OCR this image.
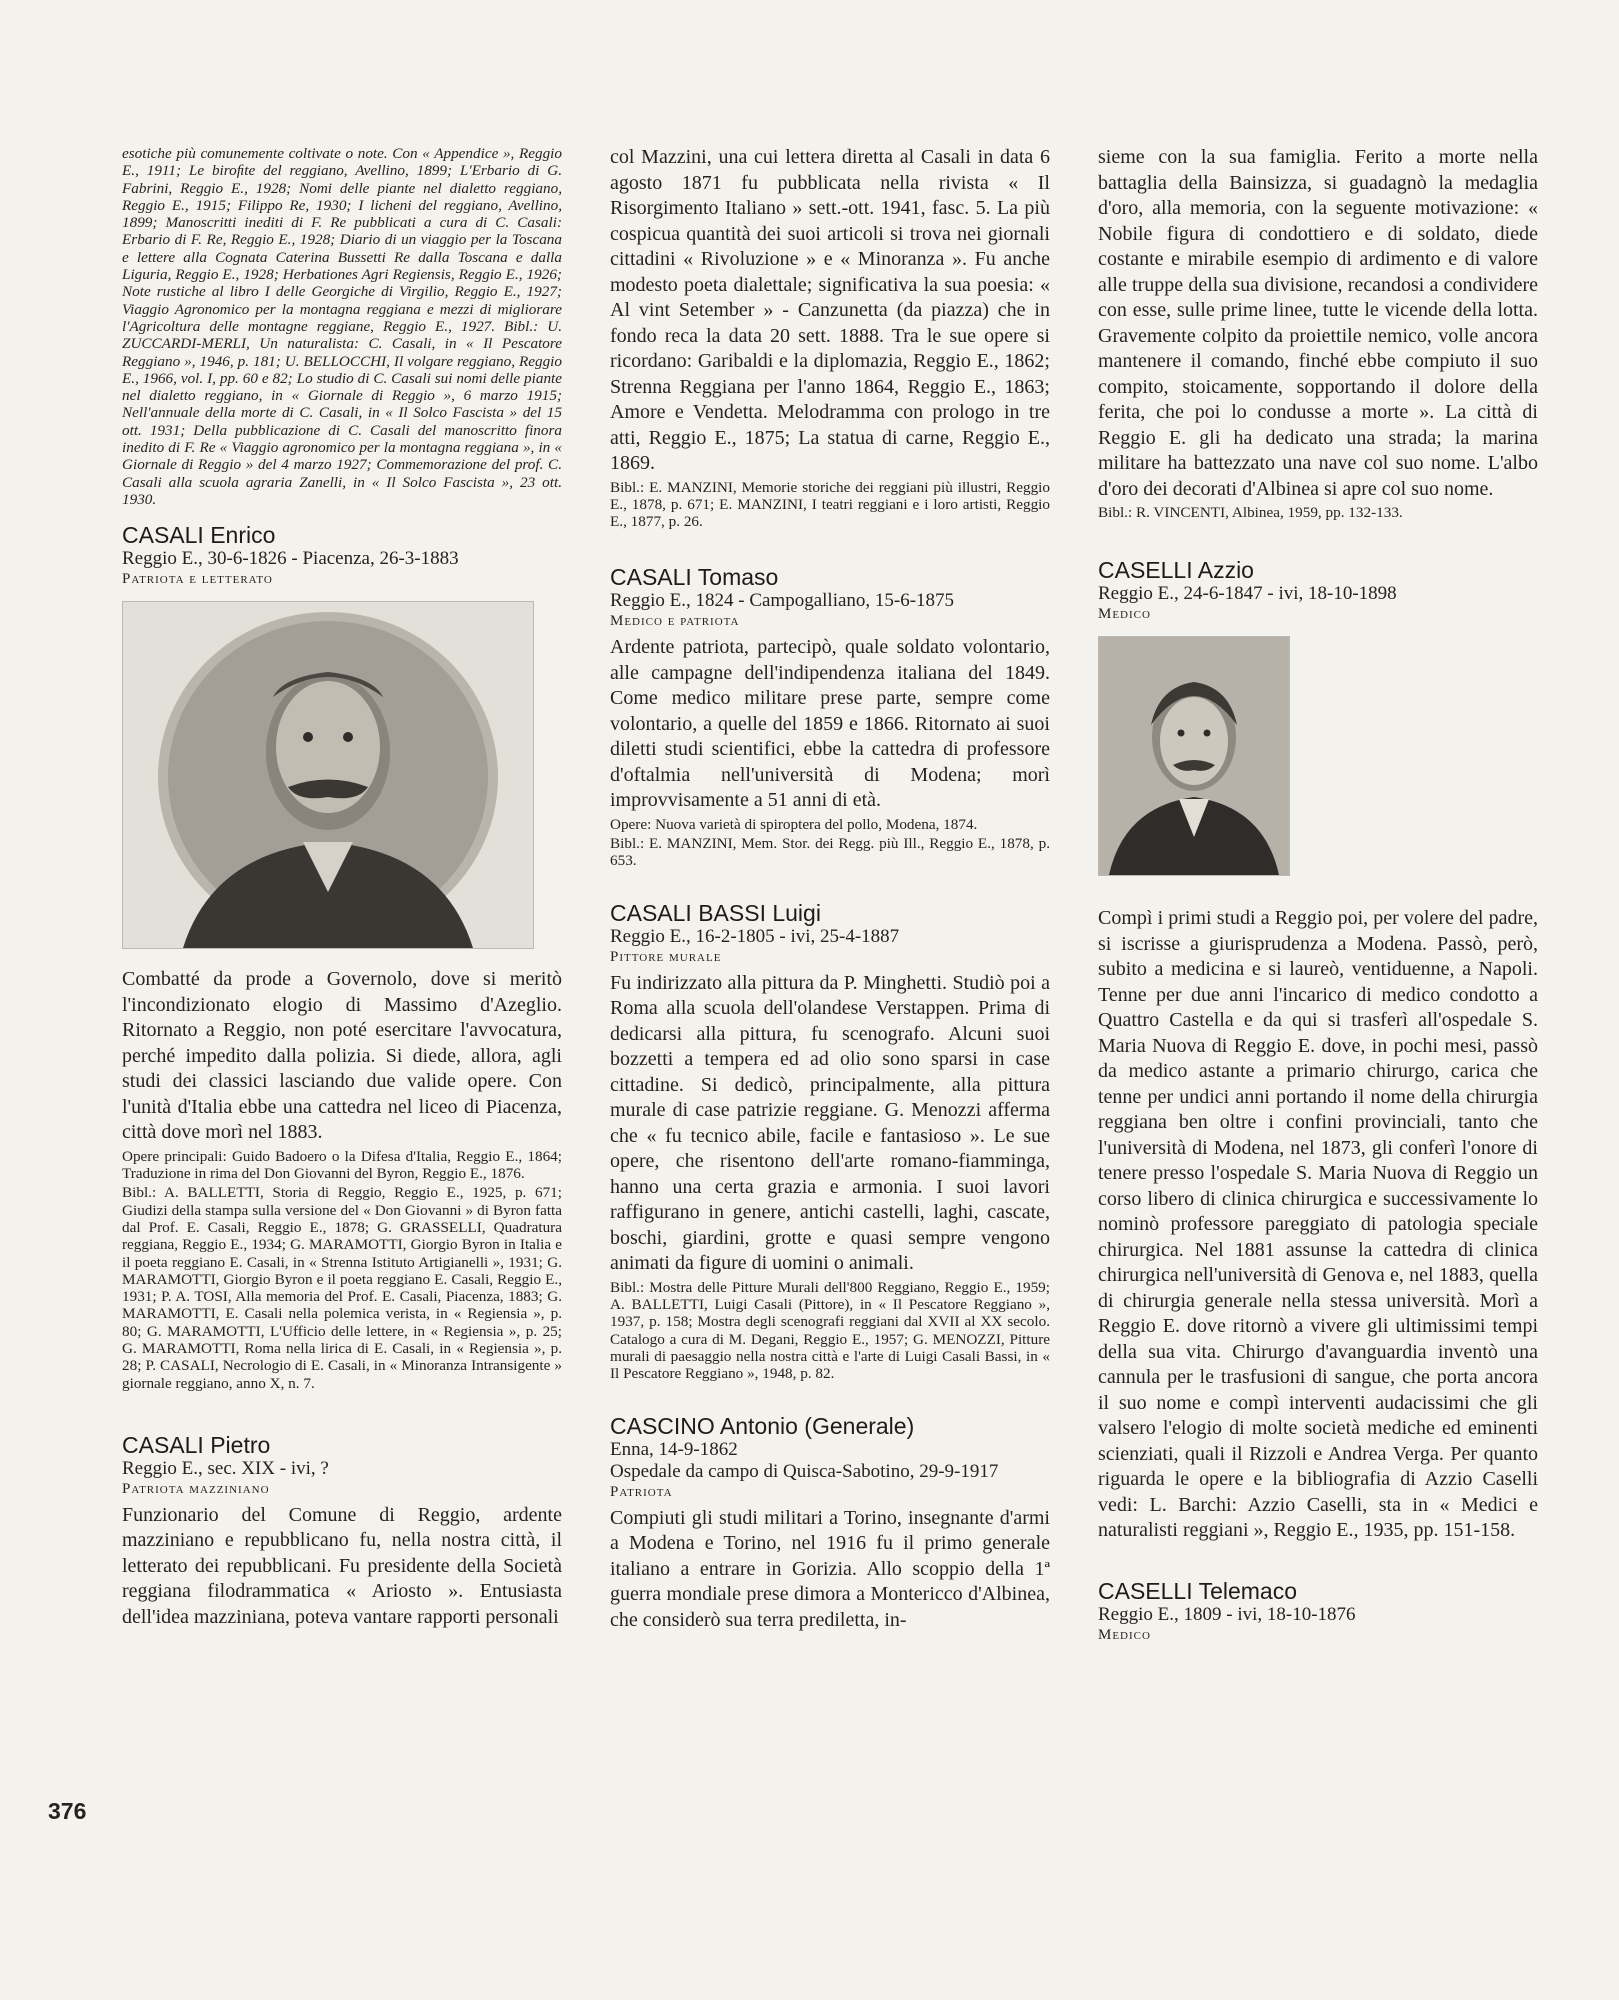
esotiche più comunemente coltivate o note. Con « Appendice », Reggio E., 1911; Le biroﬁte del reggiano, Avellino, 1899; L'Erbario di G. Fabrini, Reggio E., 1928; Nomi delle piante nel dialetto reggiano, Reggio E., 1915; Filippo Re, 1930; I licheni del reggiano, Avellino, 1899; Manoscritti inediti di F. Re pubblicati a cura di C. Casali: Erbario di F. Re, Reggio E., 1928; Diario di un viaggio per la Toscana e lettere alla Cognata Caterina Bussetti Re dalla Toscana e dalla Liguria, Reggio E., 1928; Herbationes Agri Regiensis, Reggio E., 1926; Note rustiche al libro I delle Georgiche di Virgilio, Reggio E., 1927; Viaggio Agronomico per la montagna reggiana e mezzi di migliorare l'Agricoltura delle montagne reggiane, Reggio E., 1927. Bibl.: U. ZUCCARDI-MERLI, Un naturalista: C. Casali, in « Il Pescatore Reggiano », 1946, p. 181; U. BELLOCCHI, Il volgare reggiano, Reggio E., 1966, vol. I, pp. 60 e 82; Lo studio di C. Casali sui nomi delle piante nel dialetto reggiano, in « Giornale di Reggio », 6 marzo 1915; Nell'annuale della morte di C. Casali, in « Il Solco Fascista » del 15 ott. 1931; Della pubblicazione di C. Casali del manoscritto finora inedito di F. Re « Viaggio agronomico per la montagna reggiana », in « Giornale di Reggio » del 4 marzo 1927; Commemorazione del prof. C. Casali alla scuola agraria Zanelli, in « Il Solco Fascista », 23 ott. 1930.

CASALI Enrico

Reggio E., 30-6-1826 - Piacenza, 26-3-1883

Patriota e letterato

Combatté da prode a Governolo, dove si meritò l'incondizionato elogio di Massimo d'Azeglio. Ritornato a Reggio, non poté esercitare l'avvocatura, perché impedito dalla polizia. Si diede, allora, agli studi dei classici lasciando due valide opere. Con l'unità d'Italia ebbe una cattedra nel liceo di Piacenza, città dove morì nel 1883.

Opere principali: Guido Badoero o la Difesa d'Italia, Reggio E., 1864; Traduzione in rima del Don Giovanni del Byron, Reggio E., 1876.

Bibl.: A. BALLETTI, Storia di Reggio, Reggio E., 1925, p. 671; Giudizi della stampa sulla versione del « Don Giovanni » di Byron fatta dal Prof. E. Casali, Reggio E., 1878; G. GRASSELLI, Quadratura reggiana, Reggio E., 1934; G. MARAMOTTI, Giorgio Byron in Italia e il poeta reggiano E. Casali, in « Strenna Istituto Artigianelli », 1931; G. MARAMOTTI, Giorgio Byron e il poeta reggiano E. Casali, Reggio E., 1931; P. A. TOSI, Alla memoria del Prof. E. Casali, Piacenza, 1883; G. MARAMOTTI, E. Casali nella polemica verista, in « Regiensia », p. 80; G. MARAMOTTI, L'Ufficio delle lettere, in « Regiensia », p. 25; G. MARAMOTTI, Roma nella lirica di E. Casali, in « Regiensia », p. 28; P. CASALI, Necrologio di E. Casali, in « Minoranza Intransigente » giornale reggiano, anno X, n. 7.

CASALI Pietro

Reggio E., sec. XIX - ivi, ?

Patriota mazziniano

Funzionario del Comune di Reggio, ardente mazziniano e repubblicano fu, nella nostra città, il letterato dei repubblicani. Fu presidente della Società reggiana filodrammatica « Ariosto ». Entusiasta dell'idea mazziniana, poteva vantare rapporti personali

col Mazzini, una cui lettera diretta al Casali in data 6 agosto 1871 fu pubblicata nella rivista « Il Risorgimento Italiano » sett.-ott. 1941, fasc. 5. La più cospicua quantità dei suoi articoli si trova nei giornali cittadini « Rivoluzione » e « Minoranza ». Fu anche modesto poeta dialettale; significativa la sua poesia: « Al vint Setember » - Canzunetta (da piazza) che in fondo reca la data 20 sett. 1888. Tra le sue opere si ricordano: Garibaldi e la diplomazia, Reggio E., 1862; Strenna Reggiana per l'anno 1864, Reggio E., 1863; Amore e Vendetta. Melodramma con prologo in tre atti, Reggio E., 1875; La statua di carne, Reggio E., 1869.

Bibl.: E. MANZINI, Memorie storiche dei reggiani più illustri, Reggio E., 1878, p. 671; E. MANZINI, I teatri reggiani e i loro artisti, Reggio E., 1877, p. 26.

CASALI Tomaso

Reggio E., 1824 - Campogalliano, 15-6-1875

Medico e patriota

Ardente patriota, partecipò, quale soldato volontario, alle campagne dell'indipendenza italiana del 1849. Come medico militare prese parte, sempre come volontario, a quelle del 1859 e 1866. Ritornato ai suoi diletti studi scientifici, ebbe la cattedra di professore d'oftalmia nell'università di Modena; morì improvvisamente a 51 anni di età.

Opere: Nuova varietà di spiroptera del pollo, Modena, 1874.

Bibl.: E. MANZINI, Mem. Stor. dei Regg. più Ill., Reggio E., 1878, p. 653.

CASALI BASSI Luigi

Reggio E., 16-2-1805 - ivi, 25-4-1887

Pittore murale

Fu indirizzato alla pittura da P. Minghetti. Studiò poi a Roma alla scuola dell'olandese Verstappen. Prima di dedicarsi alla pittura, fu scenografo. Alcuni suoi bozzetti a tempera ed ad olio sono sparsi in case cittadine. Si dedicò, principalmente, alla pittura murale di case patrizie reggiane. G. Menozzi afferma che « fu tecnico abile, facile e fantasioso ». Le sue opere, che risentono dell'arte romano-fiamminga, hanno una certa grazia e armonia. I suoi lavori raffigurano in genere, antichi castelli, laghi, cascate, boschi, giardini, grotte e quasi sempre vengono animati da figure di uomini o animali.

Bibl.: Mostra delle Pitture Murali dell'800 Reggiano, Reggio E., 1959; A. BALLETTI, Luigi Casali (Pittore), in « Il Pescatore Reggiano », 1937, p. 158; Mostra degli scenografi reggiani dal XVII al XX secolo. Catalogo a cura di M. Degani, Reggio E., 1957; G. MENOZZI, Pitture murali di paesaggio nella nostra città e l'arte di Luigi Casali Bassi, in « Il Pescatore Reggiano », 1948, p. 82.

CASCINO Antonio (Generale)

Enna, 14-9-1862

Ospedale da campo di Quisca-Sabotino, 29-9-1917

Patriota

Compiuti gli studi militari a Torino, insegnante d'armi a Modena e Torino, nel 1916 fu il primo generale italiano a entrare in Gorizia. Allo scoppio della 1ª guerra mondiale prese dimora a Montericco d'Albinea, che considerò sua terra prediletta, in-

sieme con la sua famiglia. Ferito a morte nella battaglia della Bainsizza, si guadagnò la medaglia d'oro, alla memoria, con la seguente motivazione: « Nobile figura di condottiero e di soldato, diede costante e mirabile esempio di ardimento e di valore alle truppe della sua divisione, recandosi a condividere con esse, sulle prime linee, tutte le vicende della lotta. Gravemente colpito da proiettile nemico, volle ancora mantenere il comando, finché ebbe compiuto il suo compito, stoicamente, sopportando il dolore della ferita, che poi lo condusse a morte ». La città di Reggio E. gli ha dedicato una strada; la marina militare ha battezzato una nave col suo nome. L'albo d'oro dei decorati d'Albinea si apre col suo nome.

Bibl.: R. VINCENTI, Albinea, 1959, pp. 132-133.

CASELLI Azzio

Reggio E., 24-6-1847 - ivi, 18-10-1898

Medico

Compì i primi studi a Reggio poi, per volere del padre, si iscrisse a giurisprudenza a Modena. Passò, però, subito a medicina e si laureò, ventiduenne, a Napoli. Tenne per due anni l'incarico di medico condotto a Quattro Castella e da qui si trasferì all'ospedale S. Maria Nuova di Reggio E. dove, in pochi mesi, passò da medico astante a primario chirurgo, carica che tenne per undici anni portando il nome della chirurgia reggiana ben oltre i confini provinciali, tanto che l'università di Modena, nel 1873, gli conferì l'onore di tenere presso l'ospedale S. Maria Nuova di Reggio un corso libero di clinica chirurgica e successivamente lo nominò professore pareggiato di patologia speciale chirurgica. Nel 1881 assunse la cattedra di clinica chirurgica nell'università di Genova e, nel 1883, quella di chirurgia generale nella stessa università. Morì a Reggio E. dove ritornò a vivere gli ultimissimi tempi della sua vita. Chirurgo d'avanguardia inventò una cannula per le trasfusioni di sangue, che porta ancora il suo nome e compì interventi audacissimi che gli valsero l'elogio di molte società mediche ed eminenti scienziati, quali il Rizzoli e Andrea Verga. Per quanto riguarda le opere e la bibliografia di Azzio Caselli vedi: L. Barchi: Azzio Caselli, sta in « Medici e naturalisti reggiani », Reggio E., 1935, pp. 151-158.

CASELLI Telemaco

Reggio E., 1809 - ivi, 18-10-1876

Medico

376
